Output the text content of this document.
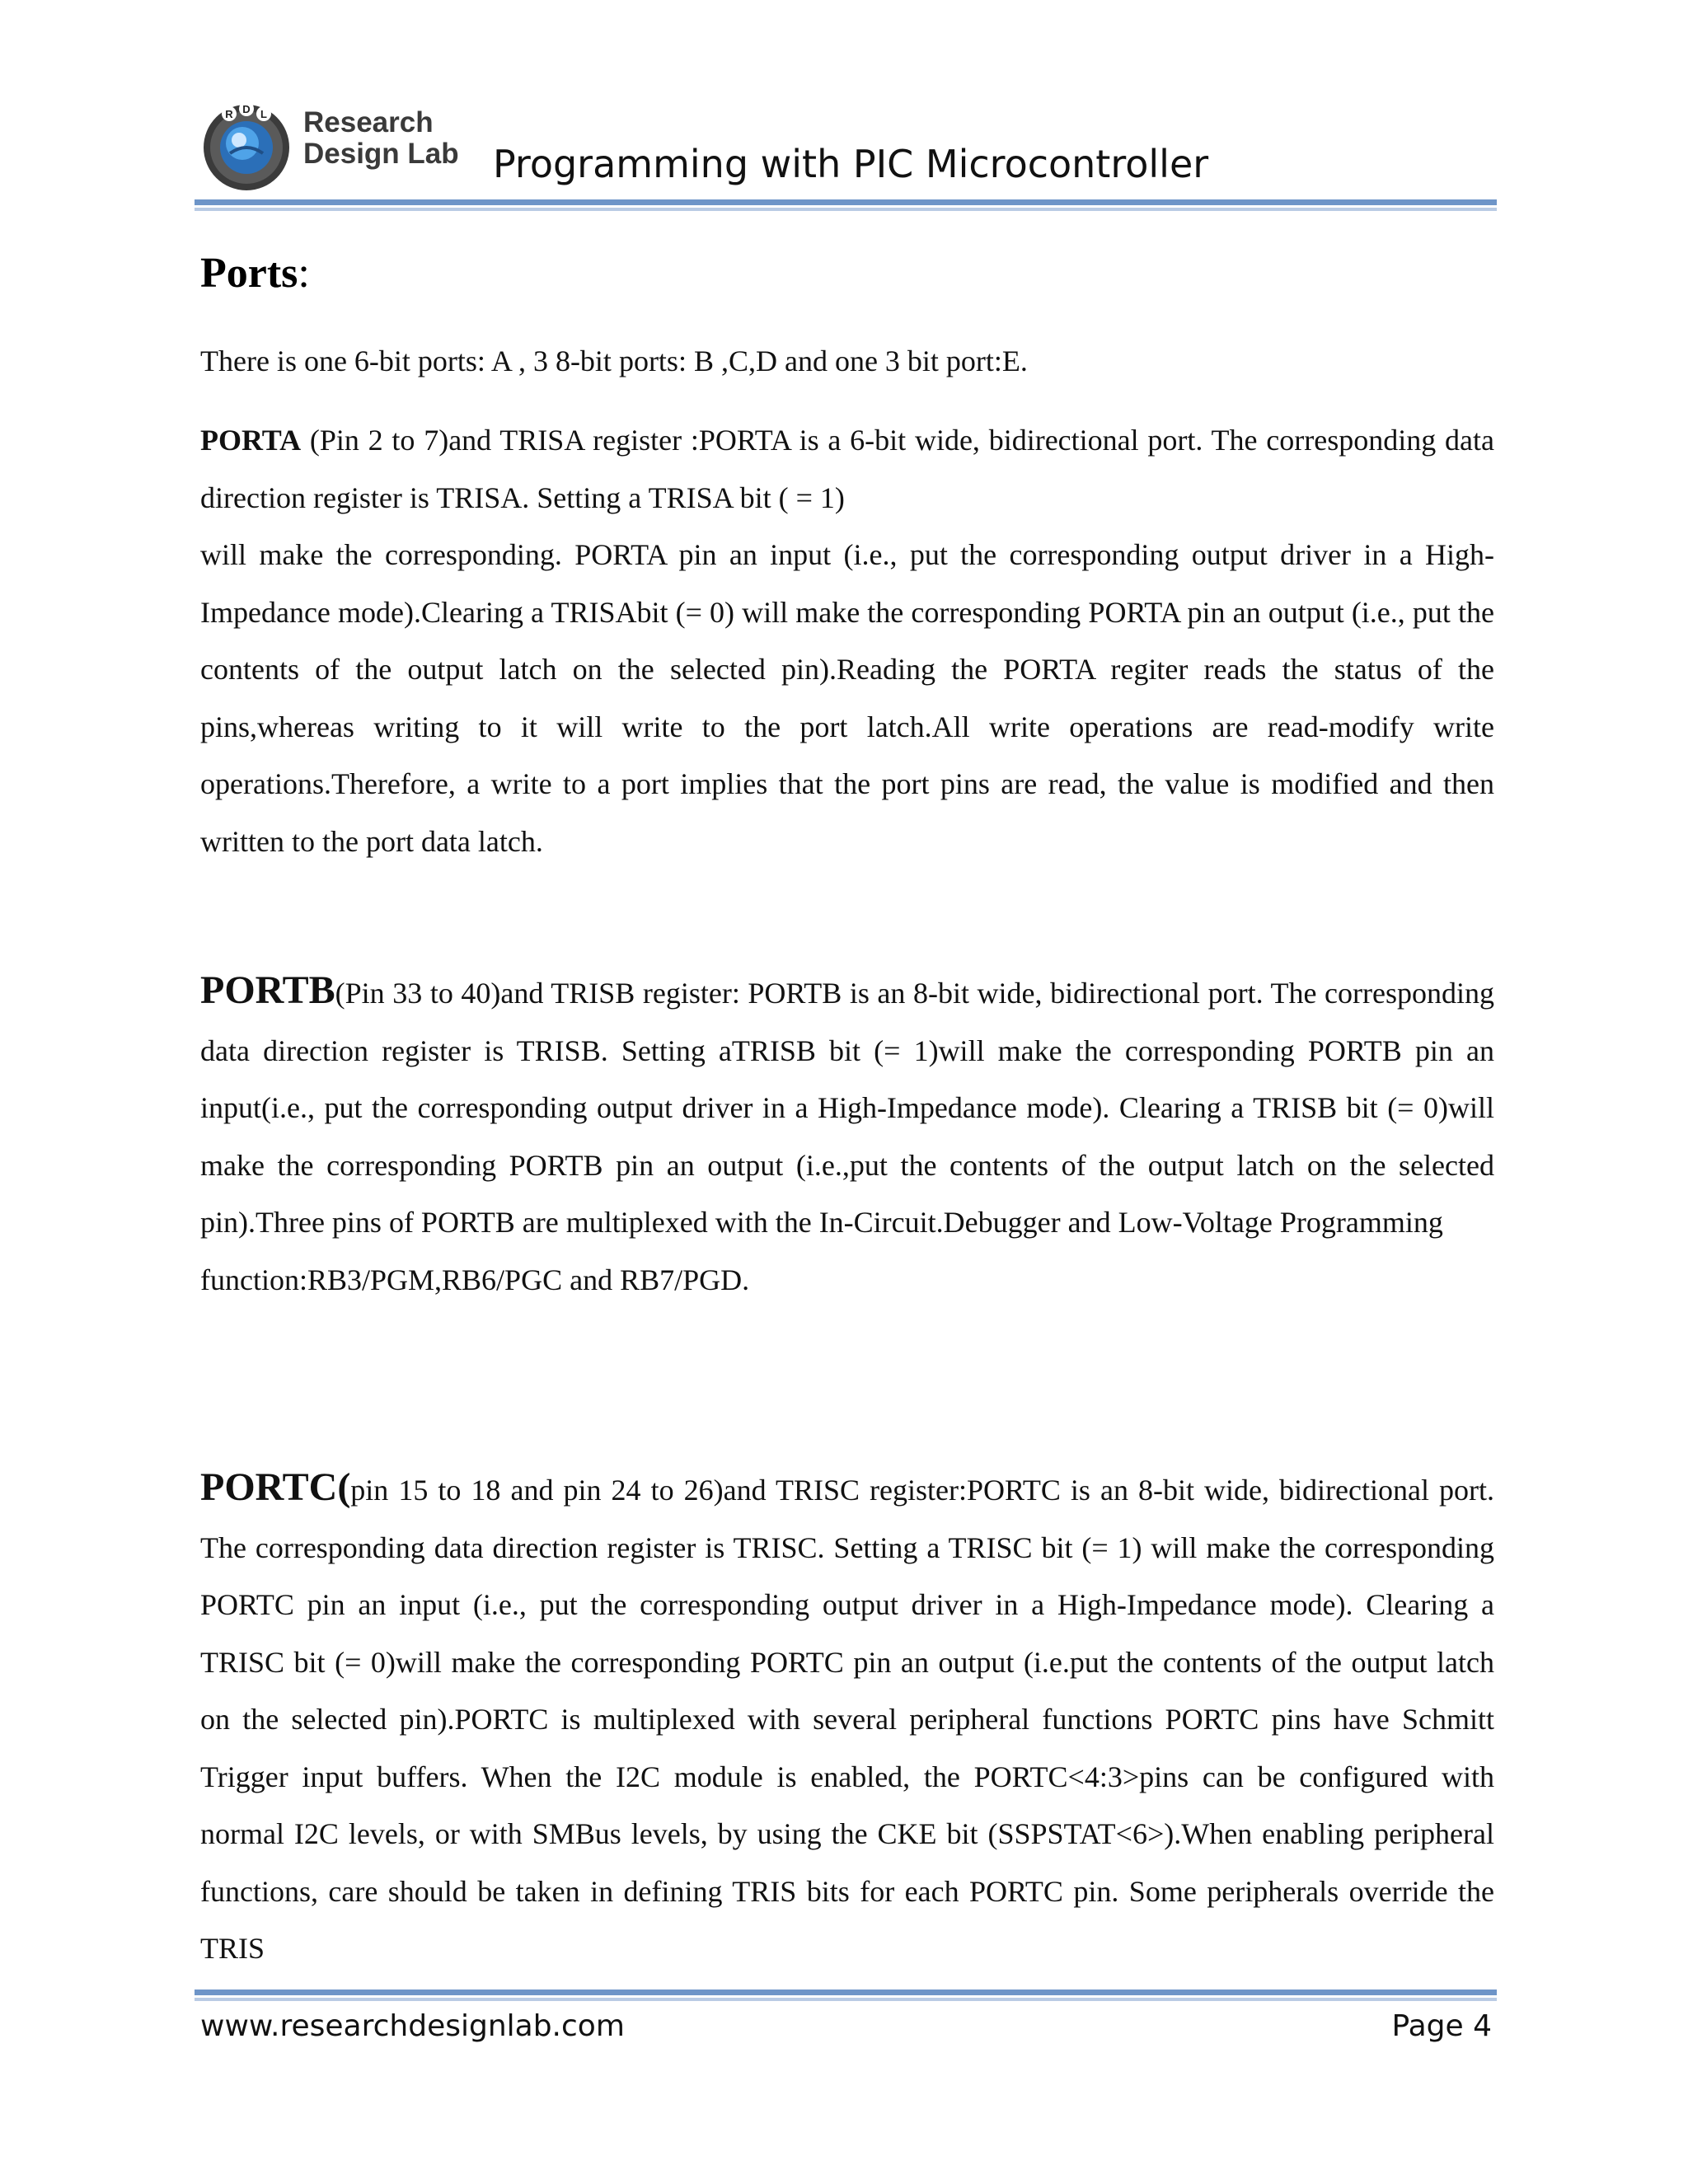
R D L Research
Design Lab Programming with PIC Microcontroller
Ports:

There is one 6-bit ports: A , 3 8-bit ports: B ,C,D and one 3 bit port:E.

PORTA (Pin 2 to 7)and TRISA register :PORTA is a 6-bit wide, bidirectional port. The corresponding data direction register is TRISA. Setting a TRISA bit ( = 1)

will make the corresponding. PORTA pin an input (i.e., put the corresponding output driver in a High-Impedance mode).Clearing a TRISAbit (= 0) will make the corresponding PORTA pin an output (i.e., put the contents of the output latch on the selected pin).Reading the PORTA regiter reads the status of the pins,whereas writing to it will write to the port latch.All write operations are read-modify write operations.Therefore, a write to a port implies that the port pins are read, the value is modified and then written to the port data latch.

PORTB(Pin 33 to 40)and TRISB register: PORTB is an 8-bit wide, bidirectional port. The corresponding data direction register is TRISB. Setting aTRISB bit (= 1)will make the corresponding PORTB pin an input(i.e., put the corresponding output driver in a High-Impedance mode). Clearing a TRISB bit (= 0)will make the corresponding PORTB pin an output (i.e.,put the contents of the output latch on the selected pin).Three pins of PORTB are multiplexed with the In-Circuit.Debugger and Low-Voltage Programming

function:RB3/PGM,RB6/PGC and RB7/PGD.

PORTC(pin 15 to 18 and pin 24 to 26)and TRISC register:PORTC is an 8-bit wide, bidirectional port. The corresponding data direction register is TRISC. Setting a TRISC bit (= 1) will make the corresponding PORTC pin an input (i.e., put the corresponding output driver in a High-Impedance mode). Clearing a TRISC bit (= 0)will make the corresponding PORTC pin an output (i.e.put the contents of the output latch on the selected pin).PORTC is multiplexed with several peripheral functions PORTC pins have Schmitt Trigger input buffers. When the I2C module is enabled, the PORTC<4:3>pins can be configured with normal I2C levels, or with SMBus levels, by using the CKE bit (SSPSTAT<6>).When enabling peripheral functions, care should be taken in defining TRIS bits for each PORTC pin. Some peripherals override the TRIS

www.researchdesignlab.com	Page 4
